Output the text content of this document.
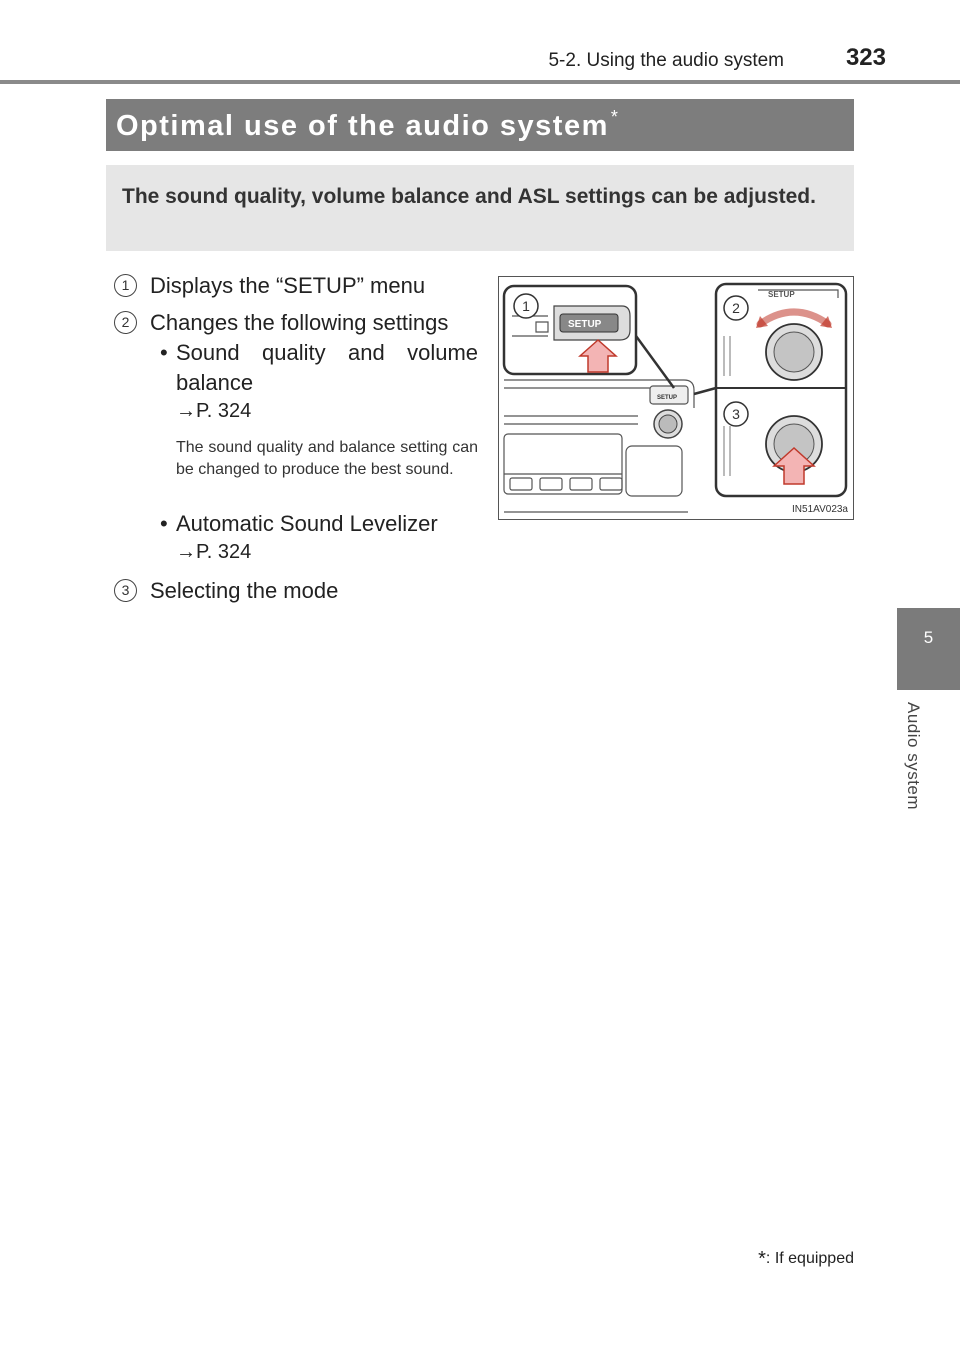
5-2. Using the audio system	323
5
Audio system
Optimal use of the audio system *
The sound quality, volume balance and ASL settings can be adjusted.
1 Displays the “SETUP” menu
2 Changes the following settings
• Sound quality and volume
balance
→P. 324
The sound quality and balance setting can be changed to produce the best sound.
• Automatic Sound Levelizer
→P. 324
3 Selecting the mode
SETUP
SETUP
SETUP
1	2
3
IN51AV023a
*: If equipped
